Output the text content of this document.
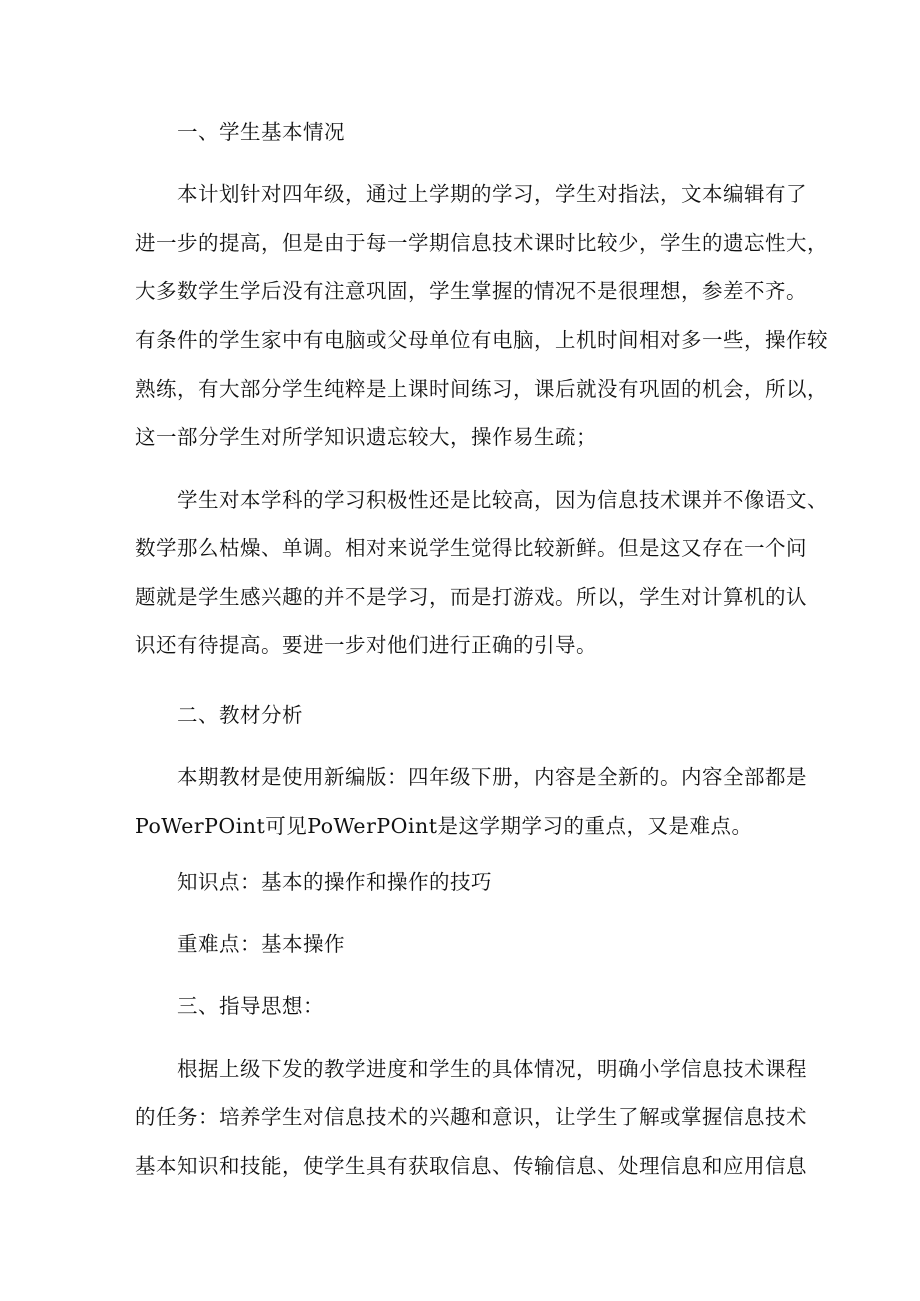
一、学生基本情况
本计划针对四年级，通过上学期的学习，学生对指法，文本编辑有了
进一步的提高，但是由于每一学期信息技术课时比较少，学生的遗忘性大，
大多数学生学后没有注意巩固，学生掌握的情况不是很理想，参差不齐。
有条件的学生家中有电脑或父母单位有电脑，上机时间相对多一些，操作较
熟练，有大部分学生纯粹是上课时间练习，课后就没有巩固的机会，所以，
这一部分学生对所学知识遗忘较大，操作易生疏；
学生对本学科的学习积极性还是比较高，因为信息技术课并不像语文、
数学那么枯燥、单调。相对来说学生觉得比较新鲜。但是这又存在一个问
题就是学生感兴趣的并不是学习，而是打游戏。所以，学生对计算机的认
识还有待提高。要进一步对他们进行正确的引导。
二、教材分析
本期教材是使用新编版：四年级下册，内容是全新的。内容全部都是
PoWerPOint可见PoWerPOint是这学期学习的重点，又是难点。
知识点：基本的操作和操作的技巧
重难点：基本操作
三、指导思想：
根据上级下发的教学进度和学生的具体情况，明确小学信息技术课程
的任务：培养学生对信息技术的兴趣和意识，让学生了解或掌握信息技术
基本知识和技能，使学生具有获取信息、传输信息、处理信息和应用信息
